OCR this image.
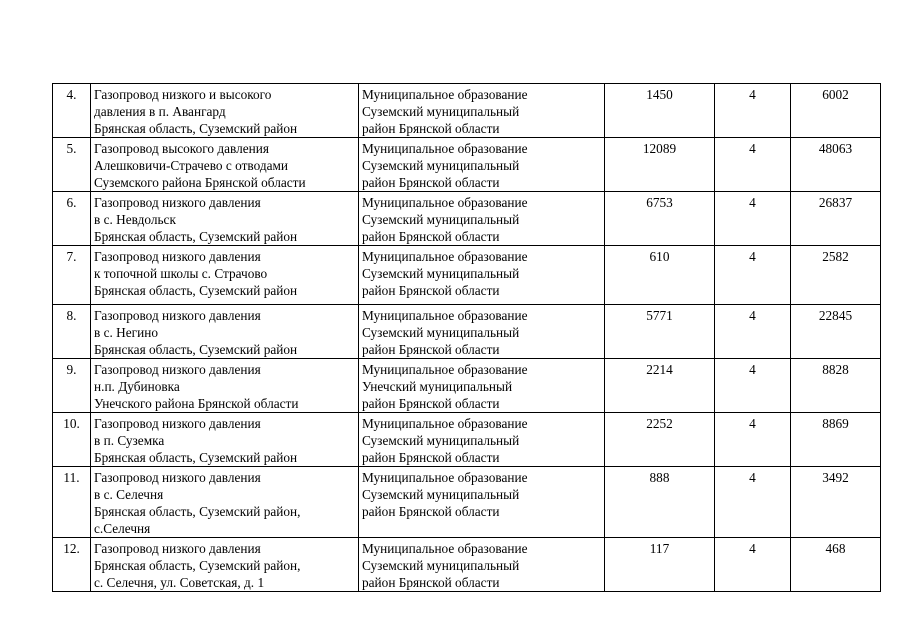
4.	Газопровод низкого и высокого
давления в п. Авангард
Брянская область, Суземский район	Муниципальное образование
Суземский муниципальный
район Брянской области	1450	4	6002
5.	Газопровод высокого давления
Алешковичи-Страчево с отводами
Суземского района Брянской области	Муниципальное образование
Суземский муниципальный
район Брянской области	12089	4	48063
6.	Газопровод низкого давления
в с. Невдольск
Брянская область, Суземский район	Муниципальное образование
Суземский муниципальный
район Брянской области	6753	4	26837
7.	Газопровод низкого давления
к топочной школы с. Страчово
Брянская область, Суземский район	Муниципальное образование
Суземский муниципальный
район Брянской области	610	4	2582
8.	Газопровод низкого давления
в с. Негино
Брянская область, Суземский район	Муниципальное образование
Суземский муниципальный
район Брянской области	5771	4	22845
9.	Газопровод низкого давления
н.п. Дубиновка
Унечского района Брянской области	Муниципальное образование
Унечский муниципальный
район Брянской области	2214	4	8828
10.	Газопровод низкого давления
в п. Суземка
Брянская область, Суземский район	Муниципальное образование
Суземский муниципальный
район Брянской области	2252	4	8869
11.	Газопровод низкого давления
в с. Селечня
Брянская область, Суземский район,
с.Селечня	Муниципальное образование
Суземский муниципальный
район Брянской области	888	4	3492
12.	Газопровод низкого давления
Брянская область, Суземский район,
с. Селечня, ул. Советская, д. 1	Муниципальное образование
Суземский муниципальный
район Брянской области	117	4	468
